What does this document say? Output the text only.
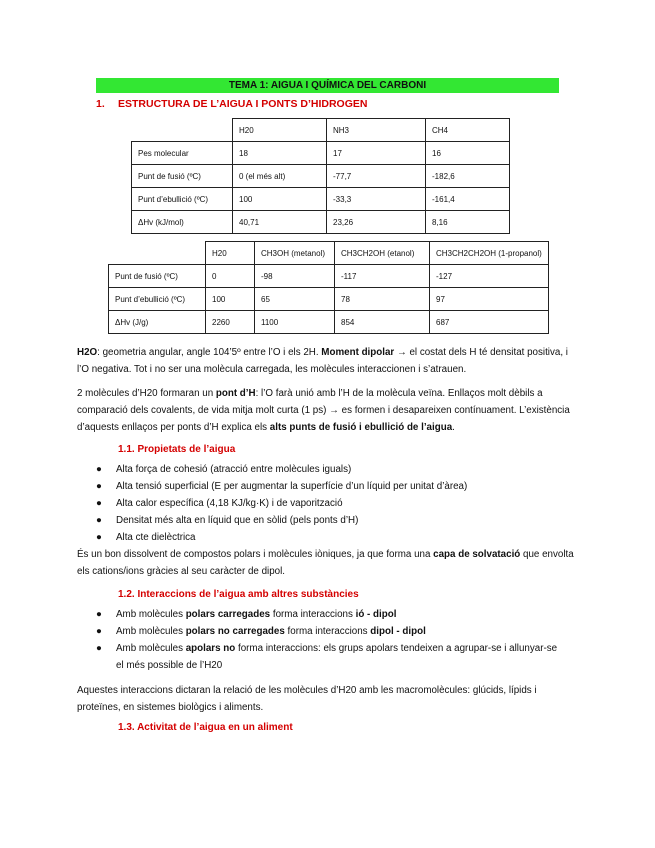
TEMA 1: AIGUA I QUÍMICA DEL CARBONI
1. ESTRUCTURA DE L’AIGUA I PONTS D’HIDROGEN
	H20	NH3	CH4
Pes molecular	18	17	16
Punt de fusió (ºC)	0 (el més alt)	-77,7	-182,6
Punt d’ebullició (ºC)	100	-33,3	-161,4
ΔHv (kJ/mol)	40,71	23,26	8,16
	H20	CH3OH (metanol)	CH3CH2OH (etanol)	CH3CH2CH2OH (1-propanol)
Punt de fusió (ºC)	0	-98	-117	-127
Punt d’ebullició (ºC)	100	65	78	97
ΔHv (J/g)	2260	1100	854	687
H2O: geometria angular, angle 104’5º entre l’O i els 2H. Moment dipolar → el costat dels H té densitat positiva, i l’O negativa. Tot i no ser una molècula carregada, les molècules interaccionen i s’atrauen.
2 molècules d’H20 formaran un pont d’H: l’O farà unió amb l’H de la molècula veïna. Enllaços molt dèbils a comparació dels covalents, de vida mitja molt curta (1 ps) → es formen i desapareixen contínuament. L’existència d’aquests enllaços per ponts d’H explica els alts punts de fusió i ebullició de l’aigua.
1.1. Propietats de l’aigua
● Alta força de cohesió (atracció entre molècules iguals)
● Alta tensió superficial (E per augmentar la superfície d’un líquid per unitat d’àrea)
● Alta calor específica (4,18 KJ/kg·K) i de vaporització
● Densitat més alta en líquid que en sòlid (pels ponts d’H)
● Alta cte dielèctrica
És un bon dissolvent de compostos polars i molècules iòniques, ja que forma una capa de solvatació que envolta els cations/ions gràcies al seu caràcter de dipol.
1.2. Interaccions de l’aigua amb altres substàncies
● Amb molècules polars carregades forma interaccions ió - dipol
● Amb molècules polars no carregades forma interaccions dipol - dipol
● Amb molècules apolars no forma interaccions: els grups apolars tendeixen a agrupar-se i allunyar-se el més possible de l’H20
Aquestes interaccions dictaran la relació de les molècules d’H20 amb les macromolècules: glúcids, lípids i proteïnes, en sistemes biològics i aliments.
1.3. Activitat de l’aigua en un aliment
